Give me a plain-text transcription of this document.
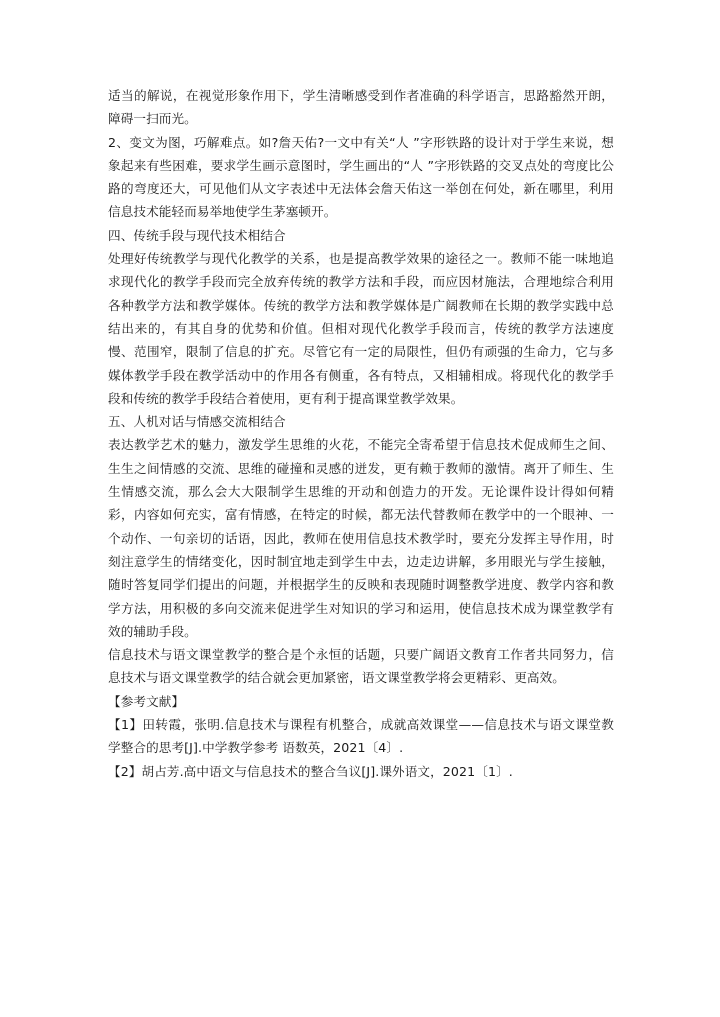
适当的解说，在视觉形象作用下，学生清晰感受到作者准确的科学语言，思路豁然开朗，障碍一扫而光。

2、变文为图，巧解难点。如?詹天佑?一文中有关“人 ”字形铁路的设计对于学生来说，想象起来有些困难，要求学生画示意图时，学生画出的“人 ”字形铁路的交叉点处的弯度比公路的弯度还大，可见他们从文字表述中无法体会詹天佑这一举创在何处，新在哪里，利用信息技术能轻而易举地使学生茅塞顿开。

四、传统手段与现代技术相结合

处理好传统教学与现代化教学的关系，也是提高教学效果的途径之一。教师不能一味地追求现代化的教学手段而完全放弃传统的教学方法和手段，而应因材施法，合理地综合利用各种教学方法和教学媒体。传统的教学方法和教学媒体是广阔教师在长期的教学实践中总结出来的，有其自身的优势和价值。但相对现代化教学手段而言，传统的教学方法速度慢、范围窄，限制了信息的扩充。尽管它有一定的局限性，但仍有顽强的生命力，它与多媒体教学手段在教学活动中的作用各有侧重，各有特点，又相辅相成。将现代化的教学手段和传统的教学手段结合着使用，更有利于提高课堂教学效果。

五、人机对话与情感交流相结合

表达教学艺术的魅力，激发学生思维的火花，不能完全寄希望于信息技术促成师生之间、生生之间情感的交流、思维的碰撞和灵感的迸发，更有赖于教师的激情。离开了师生、生生情感交流，那么会大大限制学生思维的开动和创造力的开发。无论课件设计得如何精彩，内容如何充实，富有情感，在特定的时候，都无法代替教师在教学中的一个眼神、一个动作、一句亲切的话语，因此，教师在使用信息技术教学时，要充分发挥主导作用，时刻注意学生的情绪变化，因时制宜地走到学生中去，边走边讲解，多用眼光与学生接触，随时答复同学们提出的问题，并根据学生的反映和表现随时调整教学进度、教学内容和教学方法，用积极的多向交流来促进学生对知识的学习和运用，使信息技术成为课堂教学有效的辅助手段。

信息技术与语文课堂教学的整合是个永恒的话题，只要广阔语文教育工作者共同努力，信息技术与语文课堂教学的结合就会更加紧密，语文课堂教学将会更精彩、更高效。

【参考文献】

【1】田转霞，张明.信息技术与课程有机整合，成就高效课堂——信息技术与语文课堂教学整合的思考[J].中学教学参考 语数英，2021〔4〕.

【2】胡占芳.高中语文与信息技术的整合刍议[J].课外语文，2021〔1〕.
